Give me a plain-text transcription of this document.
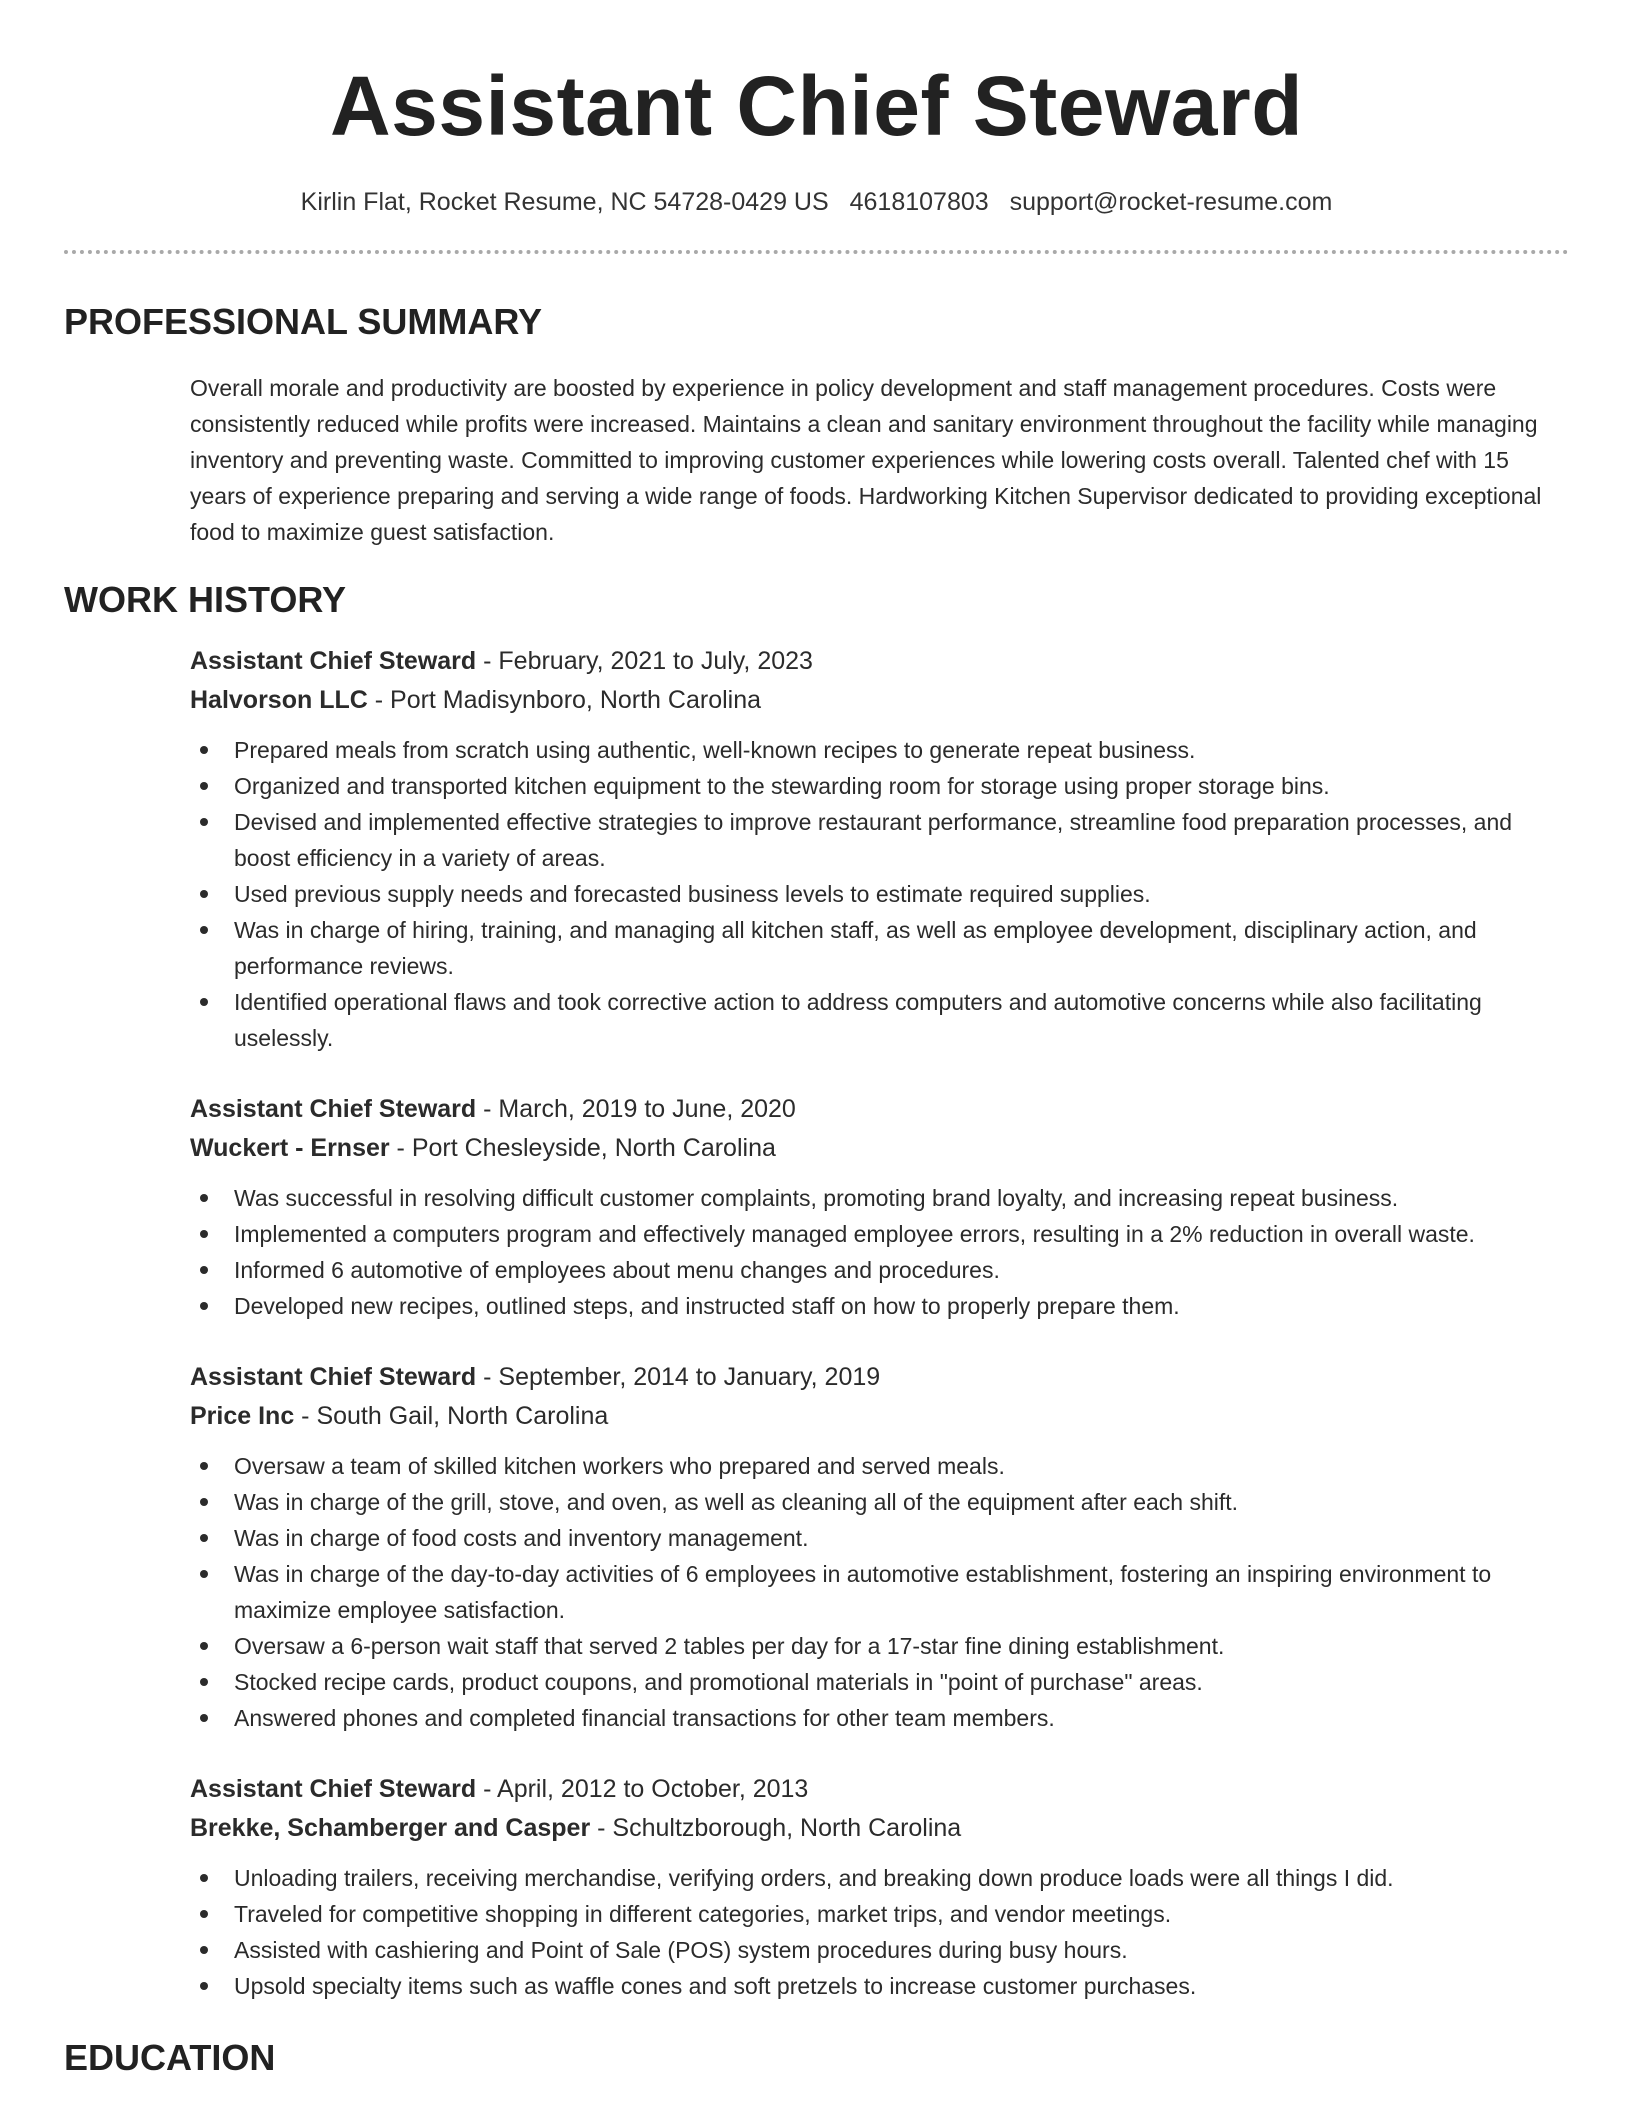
Assistant Chief Steward
Kirlin Flat, Rocket Resume, NC 54728-0429 US 4618107803 support@rocket-resume.com
PROFESSIONAL SUMMARY

Overall morale and productivity are boosted by experience in policy development and staff management procedures. Costs were consistently reduced while profits were increased. Maintains a clean and sanitary environment throughout the facility while managing inventory and preventing waste. Committed to improving customer experiences while lowering costs overall. Talented chef with 15 years of experience preparing and serving a wide range of foods. Hardworking Kitchen Supervisor dedicated to providing exceptional food to maximize guest satisfaction.

WORK HISTORY
Assistant Chief Steward - February, 2021 to July, 2023
Halvorson LLC - Port Madisynboro, North Carolina
Prepared meals from scratch using authentic, well-known recipes to generate repeat business.
Organized and transported kitchen equipment to the stewarding room for storage using proper storage bins.
Devised and implemented effective strategies to improve restaurant performance, streamline food preparation processes, and boost efficiency in a variety of areas.
Used previous supply needs and forecasted business levels to estimate required supplies.
Was in charge of hiring, training, and managing all kitchen staff, as well as employee development, disciplinary action, and performance reviews.
Identified operational flaws and took corrective action to address computers and automotive concerns while also facilitating uselessly.
Assistant Chief Steward - March, 2019 to June, 2020
Wuckert - Ernser - Port Chesleyside, North Carolina
Was successful in resolving difficult customer complaints, promoting brand loyalty, and increasing repeat business.
Implemented a computers program and effectively managed employee errors, resulting in a 2% reduction in overall waste.
Informed 6 automotive of employees about menu changes and procedures.
Developed new recipes, outlined steps, and instructed staff on how to properly prepare them.
Assistant Chief Steward - September, 2014 to January, 2019
Price Inc - South Gail, North Carolina
Oversaw a team of skilled kitchen workers who prepared and served meals.
Was in charge of the grill, stove, and oven, as well as cleaning all of the equipment after each shift.
Was in charge of food costs and inventory management.
Was in charge of the day-to-day activities of 6 employees in automotive establishment, fostering an inspiring environment to maximize employee satisfaction.
Oversaw a 6-person wait staff that served 2 tables per day for a 17-star fine dining establishment.
Stocked recipe cards, product coupons, and promotional materials in "point of purchase" areas.
Answered phones and completed financial transactions for other team members.
Assistant Chief Steward - April, 2012 to October, 2013
Brekke, Schamberger and Casper - Schultzborough, North Carolina
Unloading trailers, receiving merchandise, verifying orders, and breaking down produce loads were all things I did.
Traveled for competitive shopping in different categories, market trips, and vendor meetings.
Assisted with cashiering and Point of Sale (POS) system procedures during busy hours.
Upsold specialty items such as waffle cones and soft pretzels to increase customer purchases.
EDUCATION
